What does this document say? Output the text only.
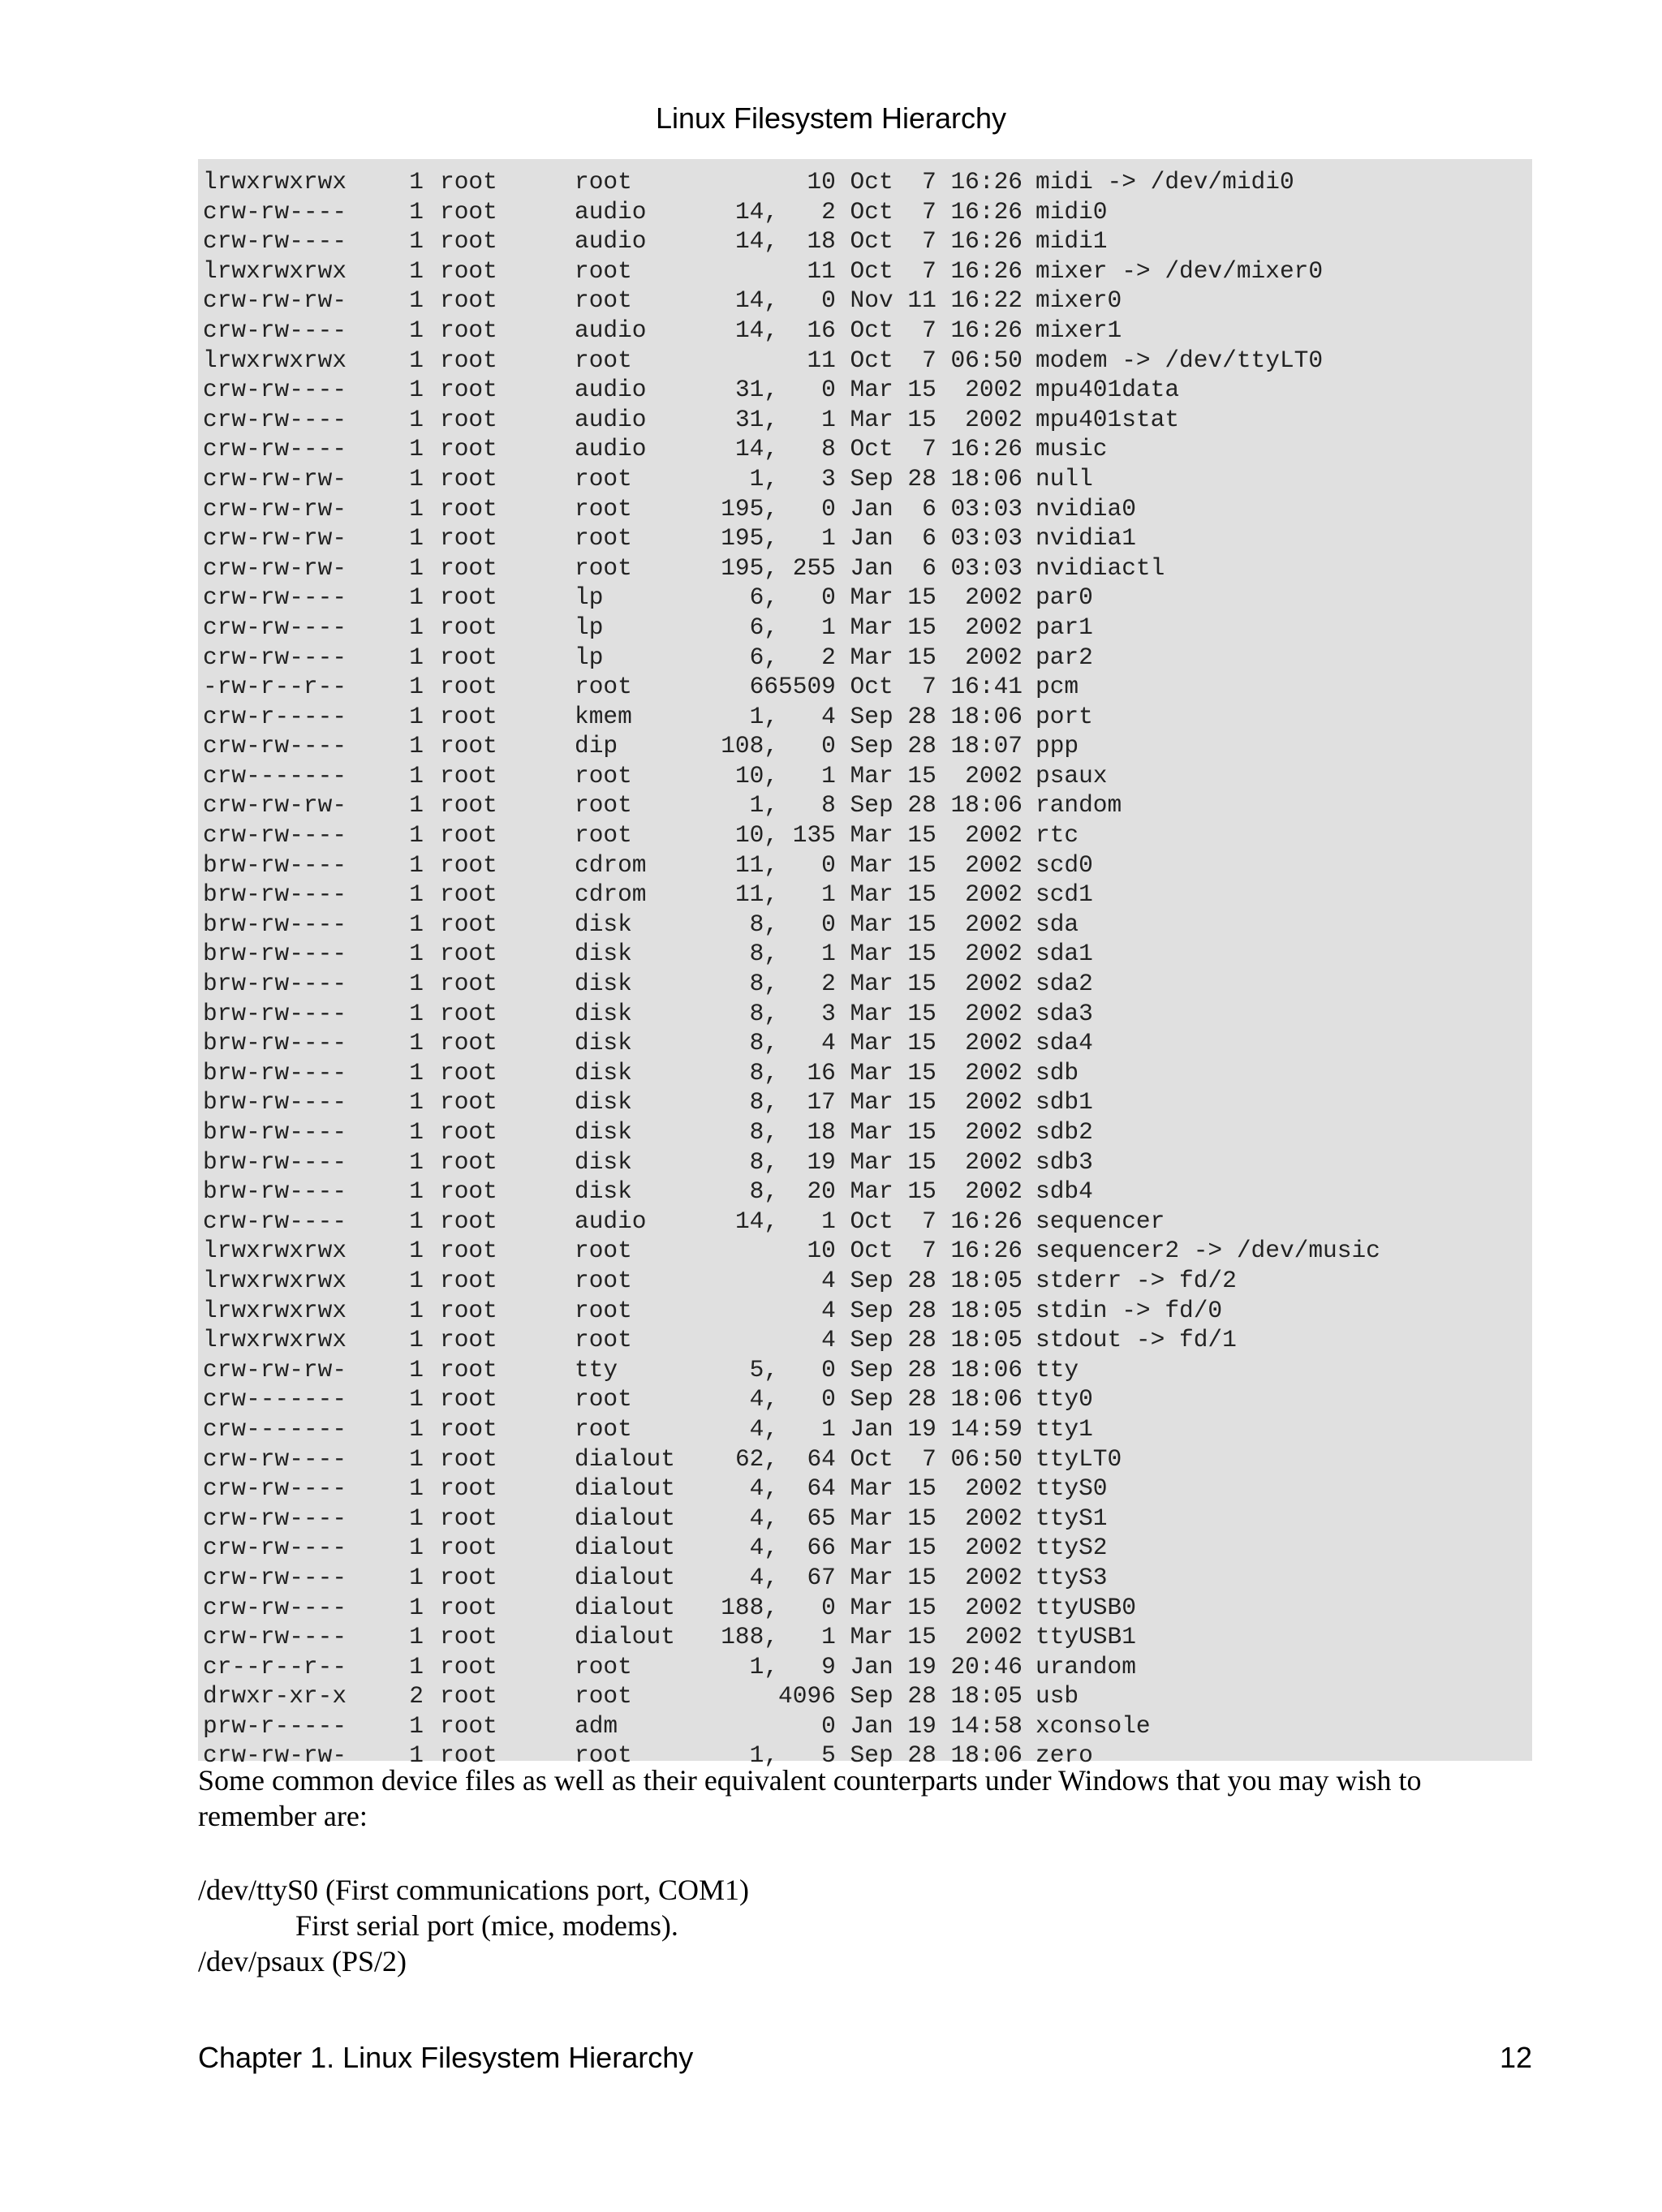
Linux Filesystem Hierarchy
lrwxrwxrwx	1 root	root	10 Oct  7 16:26 midi -> /dev/midi0
crw-rw----	1 root	audio	14,   2 Oct  7 16:26 midi0
crw-rw----	1 root	audio	14,  18 Oct  7 16:26 midi1
lrwxrwxrwx	1 root	root	11 Oct  7 16:26 mixer -> /dev/mixer0
crw-rw-rw-	1 root	root	14,   0 Nov 11 16:22 mixer0
crw-rw----	1 root	audio	14,  16 Oct  7 16:26 mixer1
lrwxrwxrwx	1 root	root	11 Oct  7 06:50 modem -> /dev/ttyLT0
crw-rw----	1 root	audio	31,   0 Mar 15  2002 mpu401data
crw-rw----	1 root	audio	31,   1 Mar 15  2002 mpu401stat
crw-rw----	1 root	audio	14,   8 Oct  7 16:26 music
crw-rw-rw-	1 root	root	1,   3 Sep 28 18:06 null
crw-rw-rw-	1 root	root	195,   0 Jan  6 03:03 nvidia0
crw-rw-rw-	1 root	root	195,   1 Jan  6 03:03 nvidia1
crw-rw-rw-	1 root	root	195, 255 Jan  6 03:03 nvidiactl
crw-rw----	1 root	lp	6,   0 Mar 15  2002 par0
crw-rw----	1 root	lp	6,   1 Mar 15  2002 par1
crw-rw----	1 root	lp	6,   2 Mar 15  2002 par2
-rw-r--r--	1 root	root	665509 Oct  7 16:41 pcm
crw-r-----	1 root	kmem	1,   4 Sep 28 18:06 port
crw-rw----	1 root	dip	108,   0 Sep 28 18:07 ppp
crw-------	1 root	root	10,   1 Mar 15  2002 psaux
crw-rw-rw-	1 root	root	1,   8 Sep 28 18:06 random
crw-rw----	1 root	root	10, 135 Mar 15  2002 rtc
brw-rw----	1 root	cdrom	11,   0 Mar 15  2002 scd0
brw-rw----	1 root	cdrom	11,   1 Mar 15  2002 scd1
brw-rw----	1 root	disk	8,   0 Mar 15  2002 sda
brw-rw----	1 root	disk	8,   1 Mar 15  2002 sda1
brw-rw----	1 root	disk	8,   2 Mar 15  2002 sda2
brw-rw----	1 root	disk	8,   3 Mar 15  2002 sda3
brw-rw----	1 root	disk	8,   4 Mar 15  2002 sda4
brw-rw----	1 root	disk	8,  16 Mar 15  2002 sdb
brw-rw----	1 root	disk	8,  17 Mar 15  2002 sdb1
brw-rw----	1 root	disk	8,  18 Mar 15  2002 sdb2
brw-rw----	1 root	disk	8,  19 Mar 15  2002 sdb3
brw-rw----	1 root	disk	8,  20 Mar 15  2002 sdb4
crw-rw----	1 root	audio	14,   1 Oct  7 16:26 sequencer
lrwxrwxrwx	1 root	root	10 Oct  7 16:26 sequencer2 -> /dev/music
lrwxrwxrwx	1 root	root	4 Sep 28 18:05 stderr -> fd/2
lrwxrwxrwx	1 root	root	4 Sep 28 18:05 stdin -> fd/0
lrwxrwxrwx	1 root	root	4 Sep 28 18:05 stdout -> fd/1
crw-rw-rw-	1 root	tty	5,   0 Sep 28 18:06 tty
crw-------	1 root	root	4,   0 Sep 28 18:06 tty0
crw-------	1 root	root	4,   1 Jan 19 14:59 tty1
crw-rw----	1 root	dialout	62,  64 Oct  7 06:50 ttyLT0
crw-rw----	1 root	dialout	4,  64 Mar 15  2002 ttyS0
crw-rw----	1 root	dialout	4,  65 Mar 15  2002 ttyS1
crw-rw----	1 root	dialout	4,  66 Mar 15  2002 ttyS2
crw-rw----	1 root	dialout	4,  67 Mar 15  2002 ttyS3
crw-rw----	1 root	dialout	188,   0 Mar 15  2002 ttyUSB0
crw-rw----	1 root	dialout	188,   1 Mar 15  2002 ttyUSB1
cr--r--r--	1 root	root	1,   9 Jan 19 20:46 urandom
drwxr-xr-x	2 root	root	4096 Sep 28 18:05 usb
prw-r-----	1 root	adm	0 Jan 19 14:58 xconsole
crw-rw-rw-	1 root	root	1,   5 Sep 28 18:06 zero
Some common device files as well as their equivalent counterparts under Windows that you may wish to remember are:
/dev/ttyS0 (First communications port, COM1)
First serial port (mice, modems).
/dev/psaux (PS/2)
Chapter 1. Linux Filesystem Hierarchy	12
